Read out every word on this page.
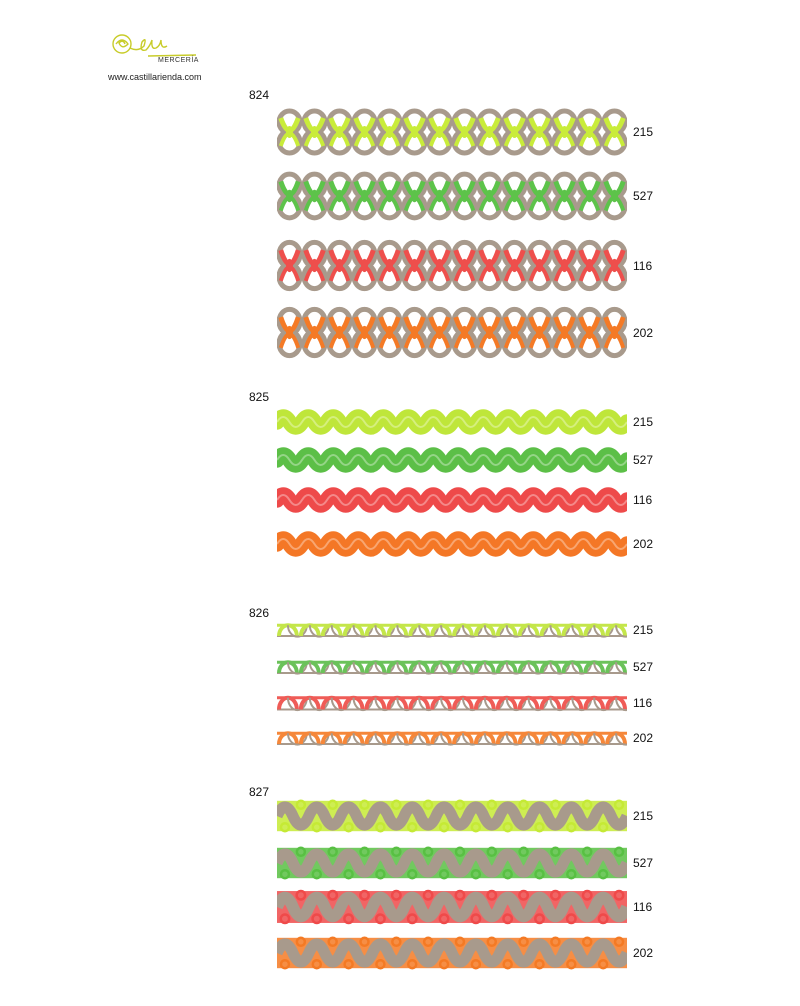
MERCERÍA
www.castillarienda.com
824
215
527
116
202
825
215
527
116
202
826
215
527
116
202
827
215
527
116
202
